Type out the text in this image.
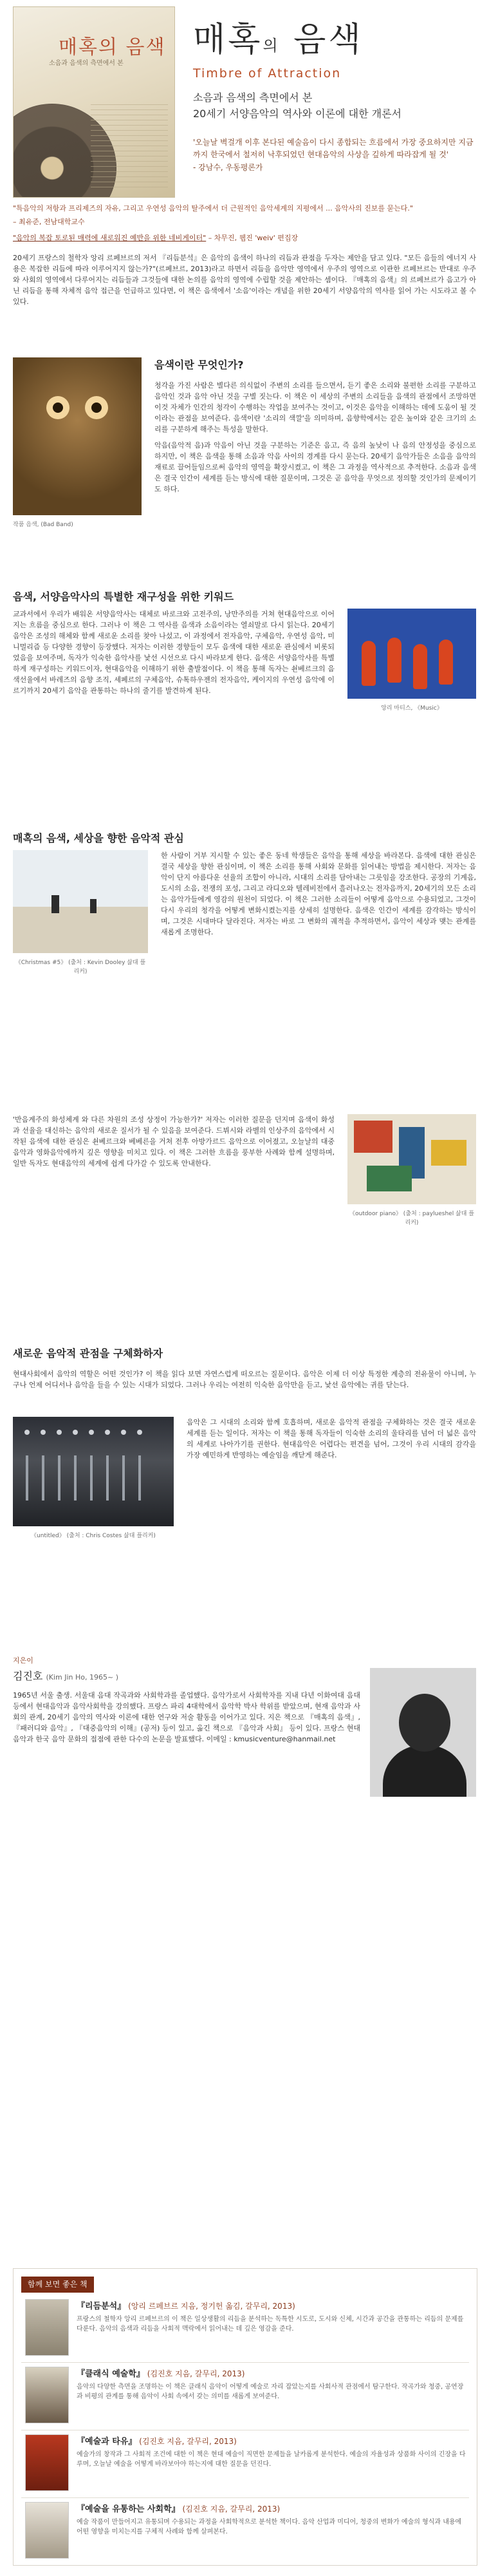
매혹의 음색
소음과 음색의 측면에서 본
매혹의 음색
Timbre of Attraction
소음과 음색의 측면에서 본
20세기 서양음악의 역사와 이론에 대한 개론서
'오늘날 벽걸개 이후 본다된 예술음이 다시 종합되는 흐름에서 가장 중요하지만 지금까지 한국에서 철저히 낙후되었던 현대음악의 사상을 깊하게 따라잡게 될 것'
- 강남수, 우동평론가

"특음악의 저항과 프리제즈의 자유, 그리고 우연성 음악의 탈주에서 더 근원적인 음악세계의 지평에서 ... 음악사의 진보를 묻는다."

– 최유준, 전남대학교수

"음악의 복잡 토로된 매력에 새로워진 예반을 위한 네비게이터" – 차무진, 웹진 'weiv' 편집장

20세기 프랑스의 철학자 앙리 르페브르의 저서 『리듬분석』은 음악의 음색이 하나의 리듬과 관점을 두자는 제안을 담고 있다. "모든 음들의 에너지 사용은 복잡한 리듬에 따라 이루어지지 않는가?"(르페브르, 2013)라고 하면서 리듬을 음악만 영역에서 우주의 영역으로 이관한 르페브르는 반대로 우주와 사회의 영역에서 다루어지는 리듬들과 그것들에 대한 논의를 음악의 영역에 수립할 것을 제안하는 셈이다. 『매혹의 음색』의 르페브르가 음고가 아닌 리듬을 통해 자체적 음악 접근을 언급하고 있다면, 이 책은 음색에서 '소음'이라는 개념을 위한 20세기 서양음악의 역사를 읽어 가는 시도라고 볼 수 있다.

작품 음색, (Bad Band)
음색이란 무엇인가?

청각을 가진 사람은 별다른 의식없이 주변의 소리를 들으면서, 듣기 좋은 소리와 불편한 소리를 구분하고 음악인 것과 음악 아닌 것을 구별 짓는다. 이 책은 이 세상의 주변의 소리들을 음색의 관점에서 조망하면 이것 자체가 인간의 청각이 수행하는 작업을 보여주는 것이고, 이것은 음악을 이해하는 데에 도움이 될 것이라는 관점을 보여준다. 음색이란 '소리의 색깔'을 의미하며, 음향학에서는 같은 높이와 같은 크기의 소리를 구분하게 해주는 특성을 말한다.

악음(음악적 음)과 악음이 아닌 것을 구분하는 기준은 음고, 즉 음의 높낮이 나 음의 안정성을 중심으로 하지만, 이 책은 음색을 통해 소음과 악음 사이의 경계를 다시 묻는다. 20세기 음악가들은 소음을 음악의 재료로 끌어들임으로써 음악의 영역을 확장시켰고, 이 책은 그 과정을 역사적으로 추적한다. 소음과 음색은 결국 인간이 세계를 듣는 방식에 대한 질문이며, 그것은 곧 음악을 무엇으로 정의할 것인가의 문제이기도 하다.

음색, 서양음악사의 특별한 재구성을 위한 키워드

교과서에서 우리가 배워온 서양음악사는 대체로 바로크와 고전주의, 낭만주의를 거쳐 현대음악으로 이어지는 흐름을 중심으로 한다. 그러나 이 책은 그 역사를 음색과 소음이라는 열쇠말로 다시 읽는다. 20세기 음악은 조성의 해체와 함께 새로운 소리를 찾아 나섰고, 이 과정에서 전자음악, 구체음악, 우연성 음악, 미니멀리즘 등 다양한 경향이 등장했다. 저자는 이러한 경향들이 모두 음색에 대한 새로운 관심에서 비롯되었음을 보여주며, 독자가 익숙한 음악사를 낯선 시선으로 다시 바라보게 한다. 음색은 서양음악사를 특별하게 재구성하는 키워드이자, 현대음악을 이해하기 위한 출발점이다. 이 책을 통해 독자는 쇤베르크의 음색선율에서 바레즈의 음향 조직, 셰페르의 구체음악, 슈톡하우젠의 전자음악, 케이지의 우연성 음악에 이르기까지 20세기 음악을 관통하는 하나의 줄기를 발견하게 된다.

앙리 마티스, 《Music》
매혹의 음색, 세상을 향한 음악적 관심
《Christmas #5》 (출처 : Kevin Dooley 삶대 플리커)

한 사람이 거부 지시할 수 있는 좋은 동네 학생들은 음악을 통해 세상을 바라본다. 음색에 대한 관심은 결국 세상을 향한 관심이며, 이 책은 소리를 통해 사회와 문화를 읽어내는 방법을 제시한다. 저자는 음악이 단지 아름다운 선율의 조합이 아니라, 시대의 소리를 담아내는 그릇임을 강조한다. 공장의 기계음, 도시의 소음, 전쟁의 포성, 그리고 라디오와 텔레비전에서 흘러나오는 전자음까지, 20세기의 모든 소리는 음악가들에게 영감의 원천이 되었다. 이 책은 그러한 소리들이 어떻게 음악으로 수용되었고, 그것이 다시 우리의 청각을 어떻게 변화시켰는지를 상세히 설명한다. 음색은 인간이 세계를 감각하는 방식이며, 그것은 시대마다 달라진다. 저자는 바로 그 변화의 궤적을 추적하면서, 음악이 세상과 맺는 관계를 새롭게 조명한다.

'반음계주의 화성체계 와 다른 차원의 조성 상정이 가능한가?' 저자는 이러한 질문을 던지며 음색이 화성과 선율을 대신하는 음악의 새로운 질서가 될 수 있음을 보여준다. 드뷔시와 라벨의 인상주의 음악에서 시작된 음색에 대한 관심은 쇤베르크와 베베른을 거쳐 전후 아방가르드 음악으로 이어졌고, 오늘날의 대중음악과 영화음악에까지 깊은 영향을 미치고 있다. 이 책은 그러한 흐름을 풍부한 사례와 함께 설명하며, 일반 독자도 현대음악의 세계에 쉽게 다가갈 수 있도록 안내한다.

《outdoor piano》 (출처 : paylueshel 삶대 플리커)
새로운 음악적 관점을 구체화하자

현대사회에서 음악의 역할은 어떤 것인가? 이 책을 읽다 보면 자연스럽게 떠오르는 질문이다. 음악은 이제 더 이상 특정한 계층의 전유물이 아니며, 누구나 언제 어디서나 음악을 들을 수 있는 시대가 되었다. 그러나 우리는 여전히 익숙한 음악만을 듣고, 낯선 음악에는 귀를 닫는다.

《untitled》 (출처 : Chris Costes 삶대 플리커)

음악은 그 시대의 소리와 함께 호흡하며, 새로운 음악적 관점을 구체화하는 것은 결국 새로운 세계를 듣는 일이다. 저자는 이 책을 통해 독자들이 익숙한 소리의 울타리를 넘어 더 넓은 음악의 세계로 나아가기를 권한다. 현대음악은 어렵다는 편견을 넘어, 그것이 우리 시대의 감각을 가장 예민하게 반영하는 예술임을 깨닫게 해준다.

지은이
김진호 (Kim Jin Ho, 1965~ )

1965년 서울 출생. 서울대 음대 작곡과와 사회학과를 졸업했다. 음악가로서 사회학자를 지내 다년 이화여대 음대 등에서 현대음악과 음악사회학을 강의했다. 프랑스 파리 4대학에서 음악학 박사 학위를 받았으며, 현재 음악과 사회의 관계, 20세기 음악의 역사와 이론에 대한 연구와 저술 활동을 이어가고 있다. 지은 책으로 『매혹의 음색』, 『패러디와 음악』, 『대중음악의 이해』(공저) 등이 있고, 옮긴 책으로 『음악과 사회』 등이 있다. 프랑스 현대음악과 한국 음악 문화의 접점에 관한 다수의 논문을 발표했다. 이메일 : kmusicventure@hanmail.net

함께 보면 좋은 책
『리듬분석』 (앙리 르페브르 지음, 정기헌 옮김, 갈무리, 2013)
프랑스의 철학자 앙리 르페브르의 이 책은 일상생활의 리듬을 분석하는 독특한 시도로, 도시와 신체, 시간과 공간을 관통하는 리듬의 문제를 다룬다. 음악의 음색과 리듬을 사회적 맥락에서 읽어내는 데 깊은 영감을 준다.
『클래식 예술학』 (김진호 지음, 갈무리, 2013)
음악의 다양한 측면을 조명하는 이 책은 클래식 음악이 어떻게 예술로 자리 잡았는지를 사회사적 관점에서 탐구한다. 작곡가와 청중, 공연장과 비평의 관계를 통해 음악이 사회 속에서 갖는 의미를 새롭게 보여준다.
『예술과 타유』 (김진호 지음, 갈무리, 2013)
예술가의 창작과 그 사회적 조건에 대한 이 책은 현대 예술이 직면한 문제들을 날카롭게 분석한다. 예술의 자율성과 상품화 사이의 긴장을 다루며, 오늘날 예술을 어떻게 바라보아야 하는지에 대한 질문을 던진다.
『예술을 유통하는 사회학』 (김진호 지음, 갈무리, 2013)
예술 작품이 만들어지고 유통되며 수용되는 과정을 사회학적으로 분석한 책이다. 음악 산업과 미디어, 청중의 변화가 예술의 형식과 내용에 어떤 영향을 미치는지를 구체적 사례와 함께 살펴본다.
